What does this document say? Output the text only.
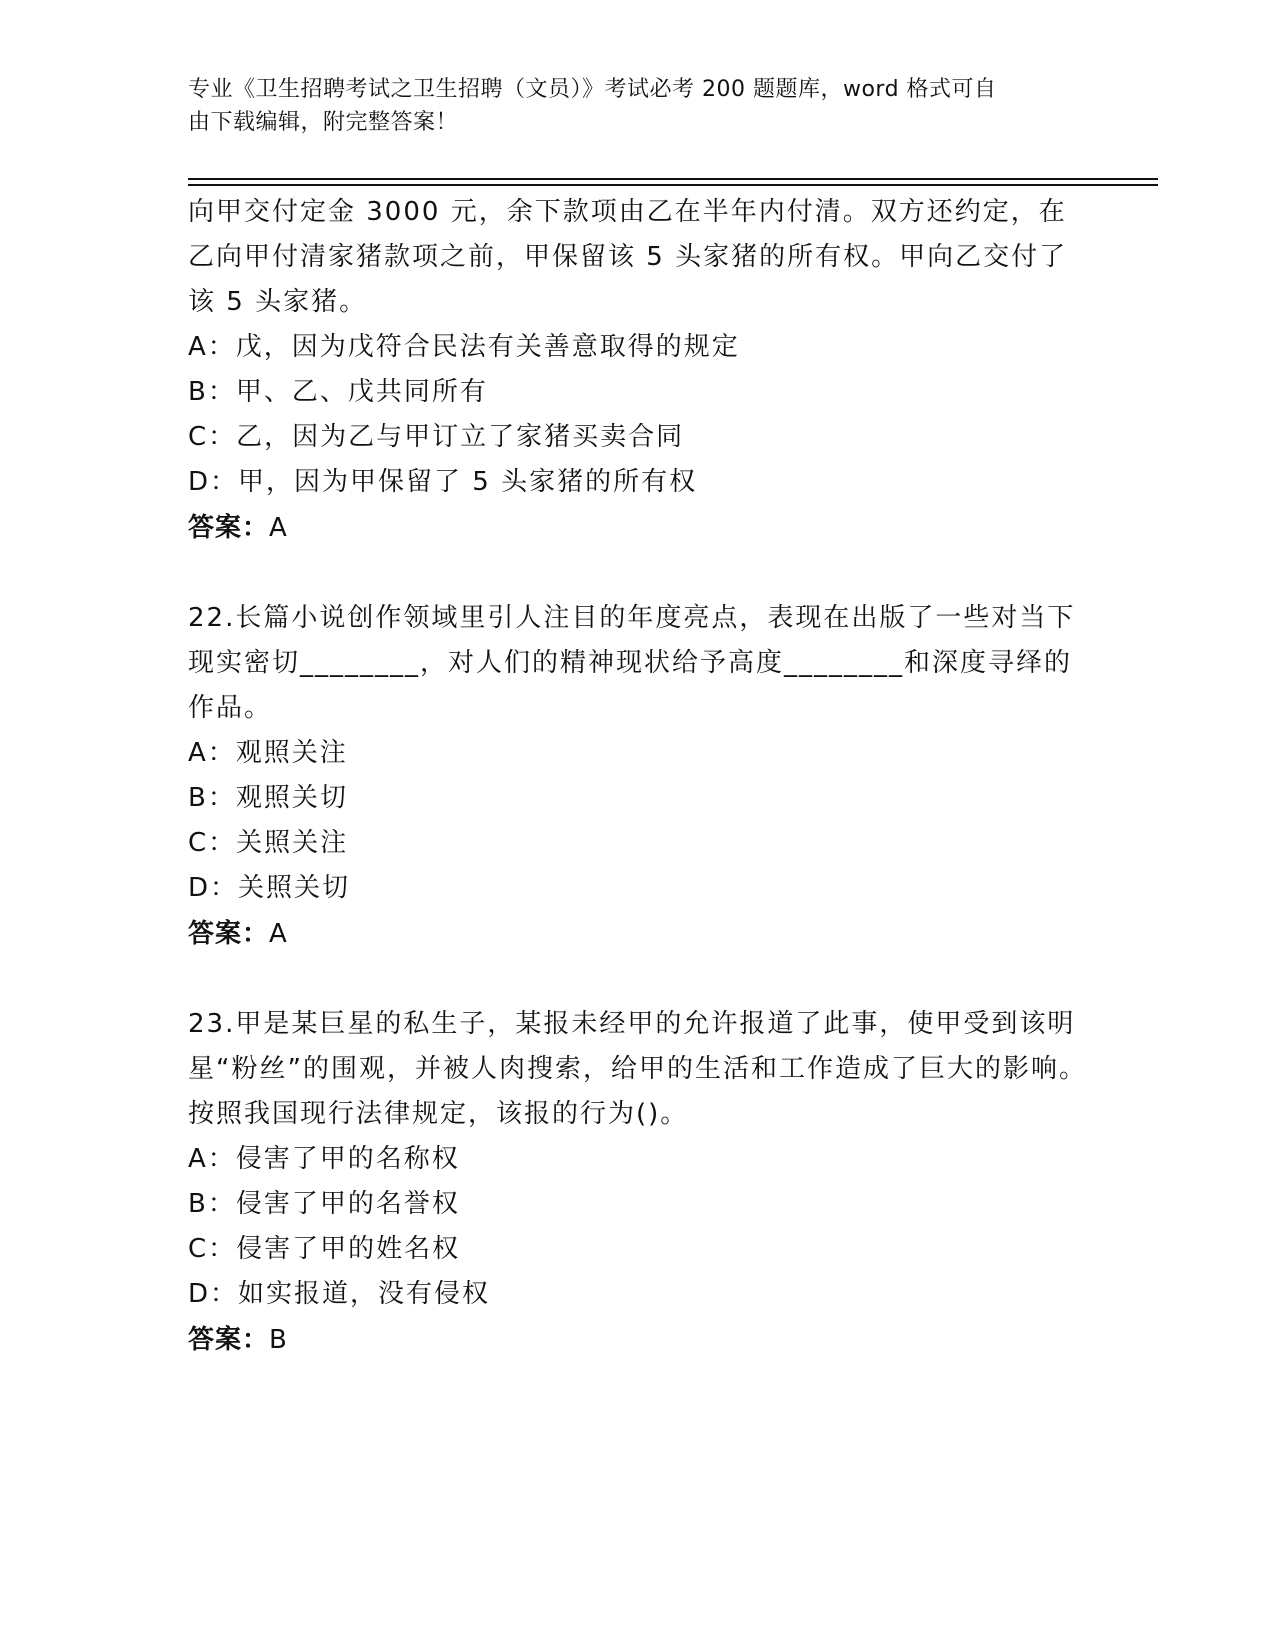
专业《卫生招聘考试之卫生招聘（文员）》考试必考 200 题题库，word 格式可自
由下载编辑，附完整答案！

向甲交付定金 3000 元，余下款项由乙在半年内付清。双方还约定，在乙向甲付清家猪款项之前，甲保留该 5 头家猪的所有权。甲向乙交付了该 5 头家猪。

A：戊，因为戊符合民法有关善意取得的规定

B：甲、乙、戊共同所有

C：乙，因为乙与甲订立了家猪买卖合同

D：甲，因为甲保留了 5 头家猪的所有权

答案：A

22.长篇小说创作领域里引人注目的年度亮点，表现在出版了一些对当下现实密切________，对人们的精神现状给予高度________和深度寻绎的作品。

A：观照关注

B：观照关切

C：关照关注

D：关照关切

答案：A

23.甲是某巨星的私生子，某报未经甲的允许报道了此事，使甲受到该明星“粉丝”的围观，并被人肉搜索，给甲的生活和工作造成了巨大的影响。按照我国现行法律规定，该报的行为()。

A：侵害了甲的名称权

B：侵害了甲的名誉权

C：侵害了甲的姓名权

D：如实报道，没有侵权

答案：B
